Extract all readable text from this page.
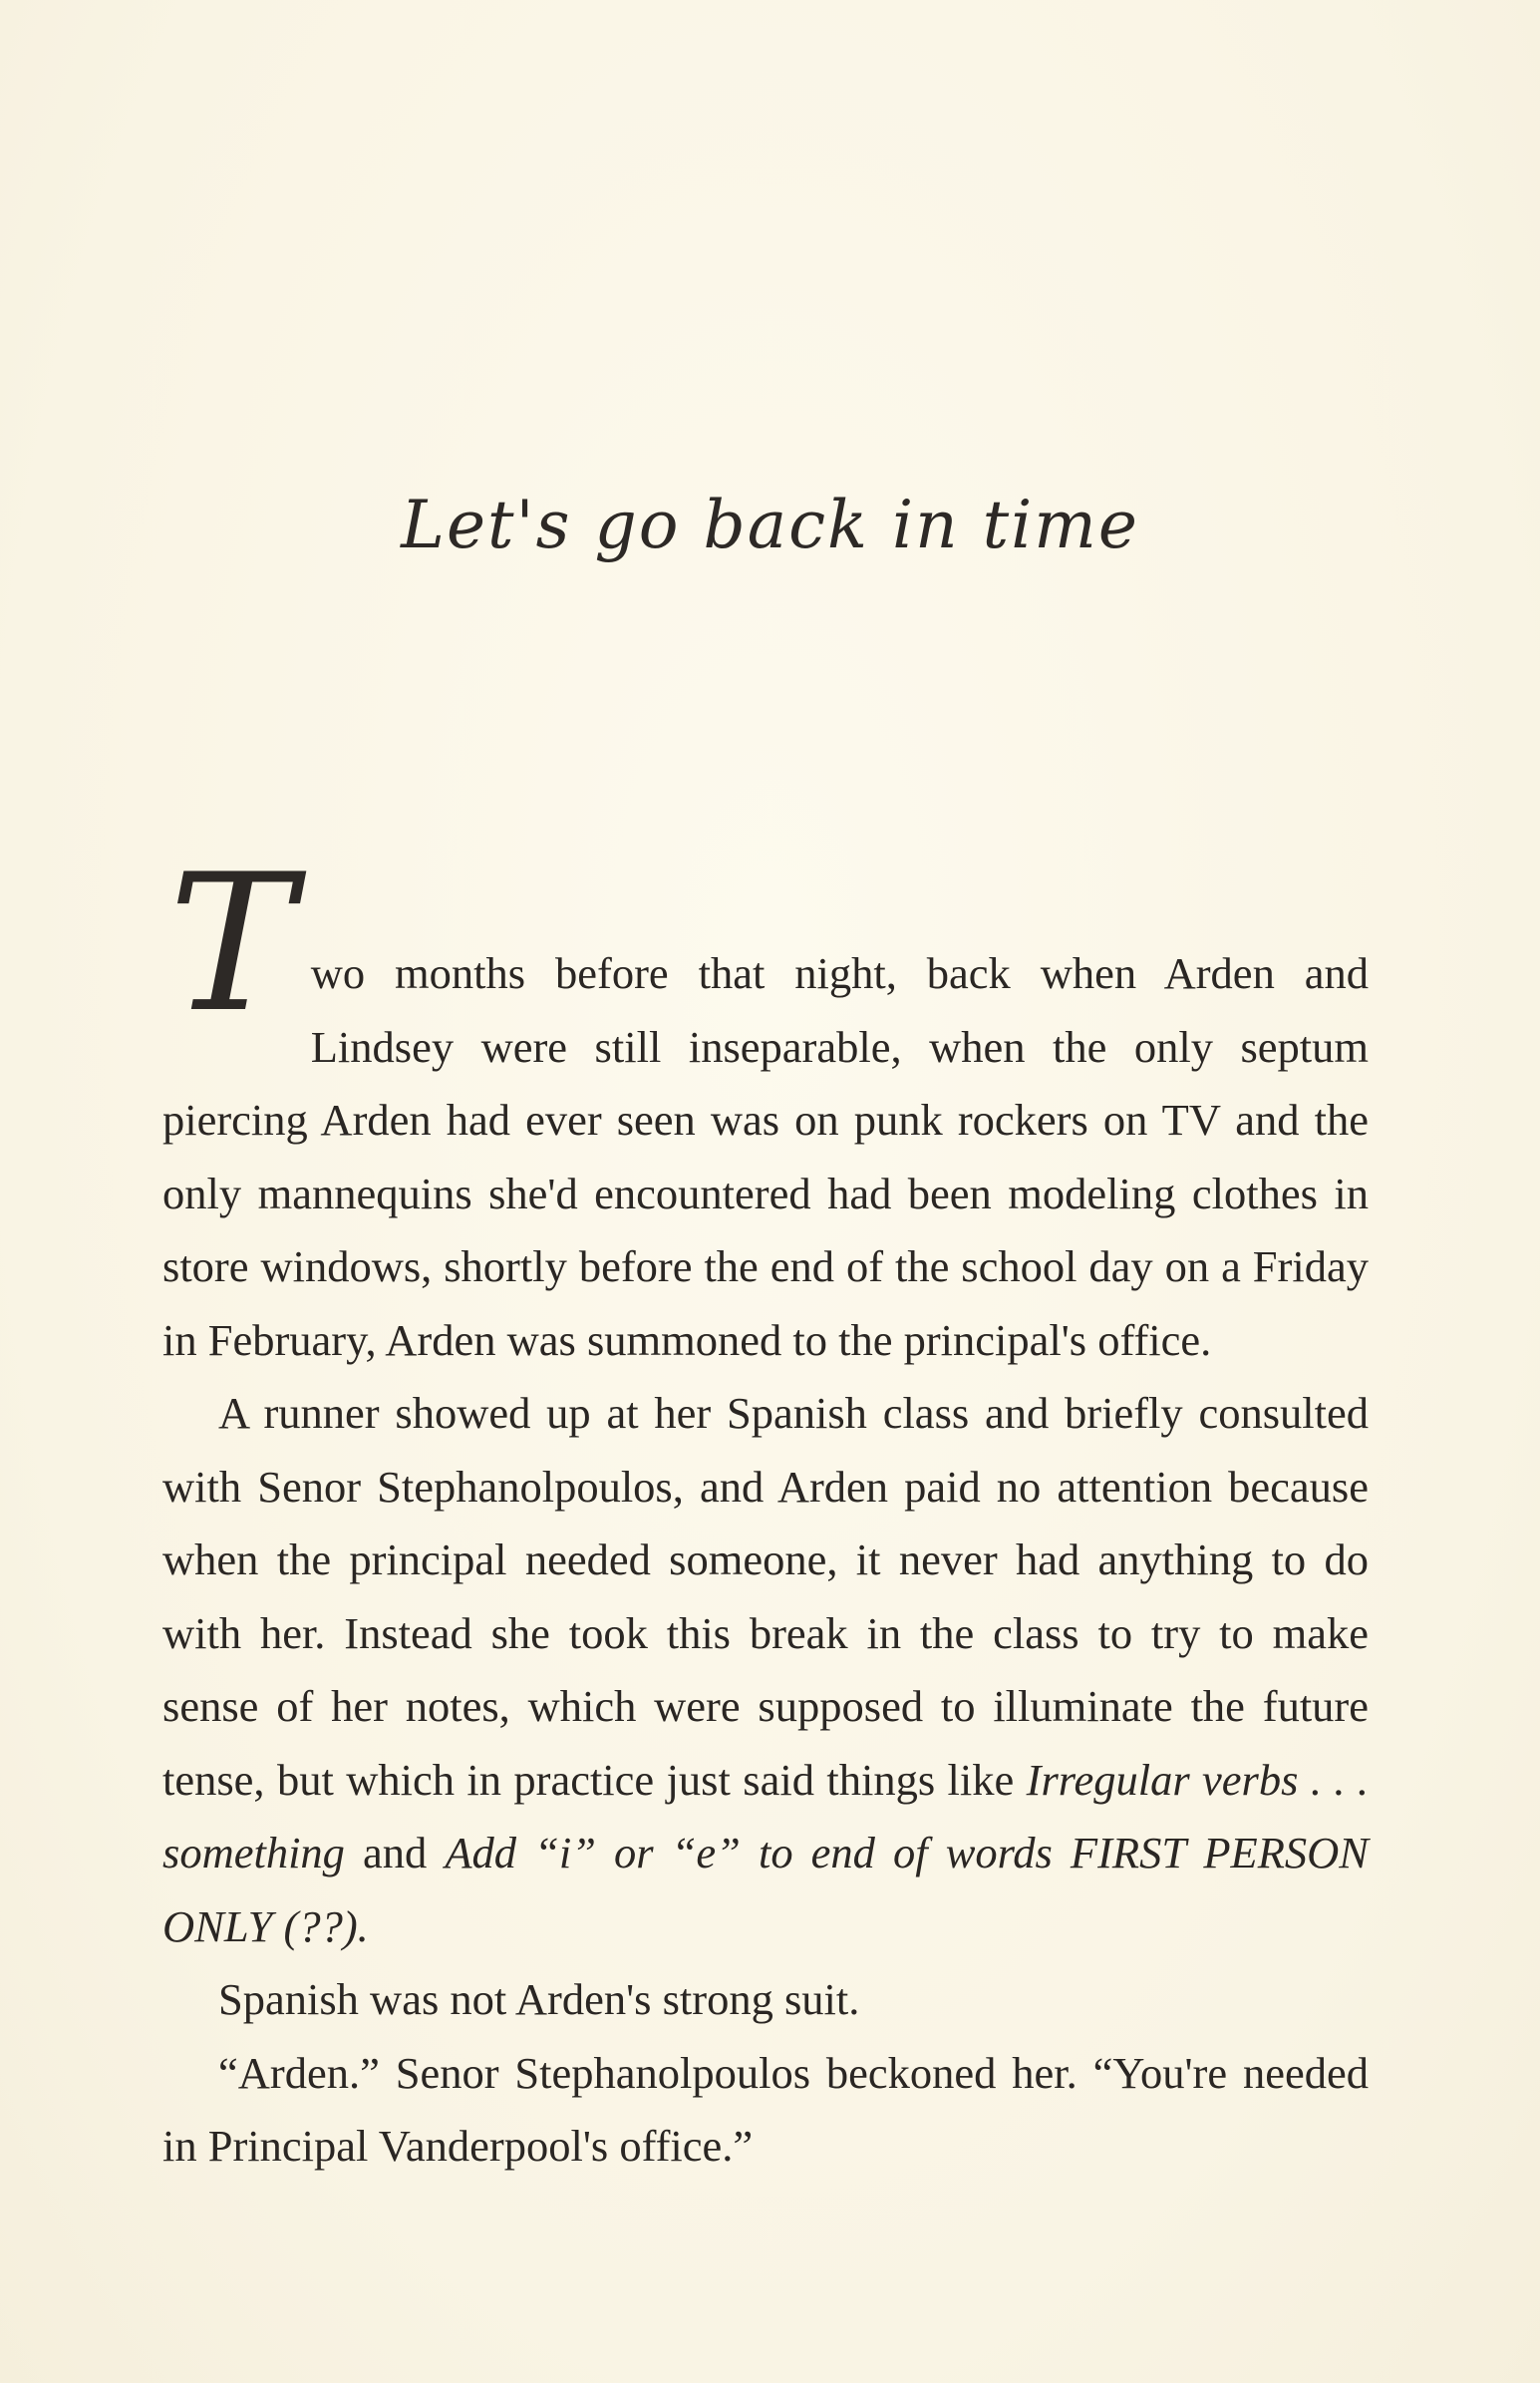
Let's go back in time

Two months before that night, back when Arden and Lindsey were still inseparable, when the only septum piercing Arden had ever seen was on punk rockers on TV and the only mannequins she'd encountered had been modeling clothes in store windows, shortly before the end of the school day on a Friday in February, Arden was summoned to the principal's office.

A runner showed up at her Spanish class and briefly consulted with Senor Stephanolpoulos, and Arden paid no attention because when the principal needed someone, it never had anything to do with her. Instead she took this break in the class to try to make sense of her notes, which were supposed to illuminate the future tense, but which in practice just said things like Irregular verbs . . . something and Add “i” or “e” to end of words FIRST PERSON ONLY (??).

Spanish was not Arden's strong suit.

“Arden.” Senor Stephanolpoulos beckoned her. “You're needed in Principal Vanderpool's office.”
